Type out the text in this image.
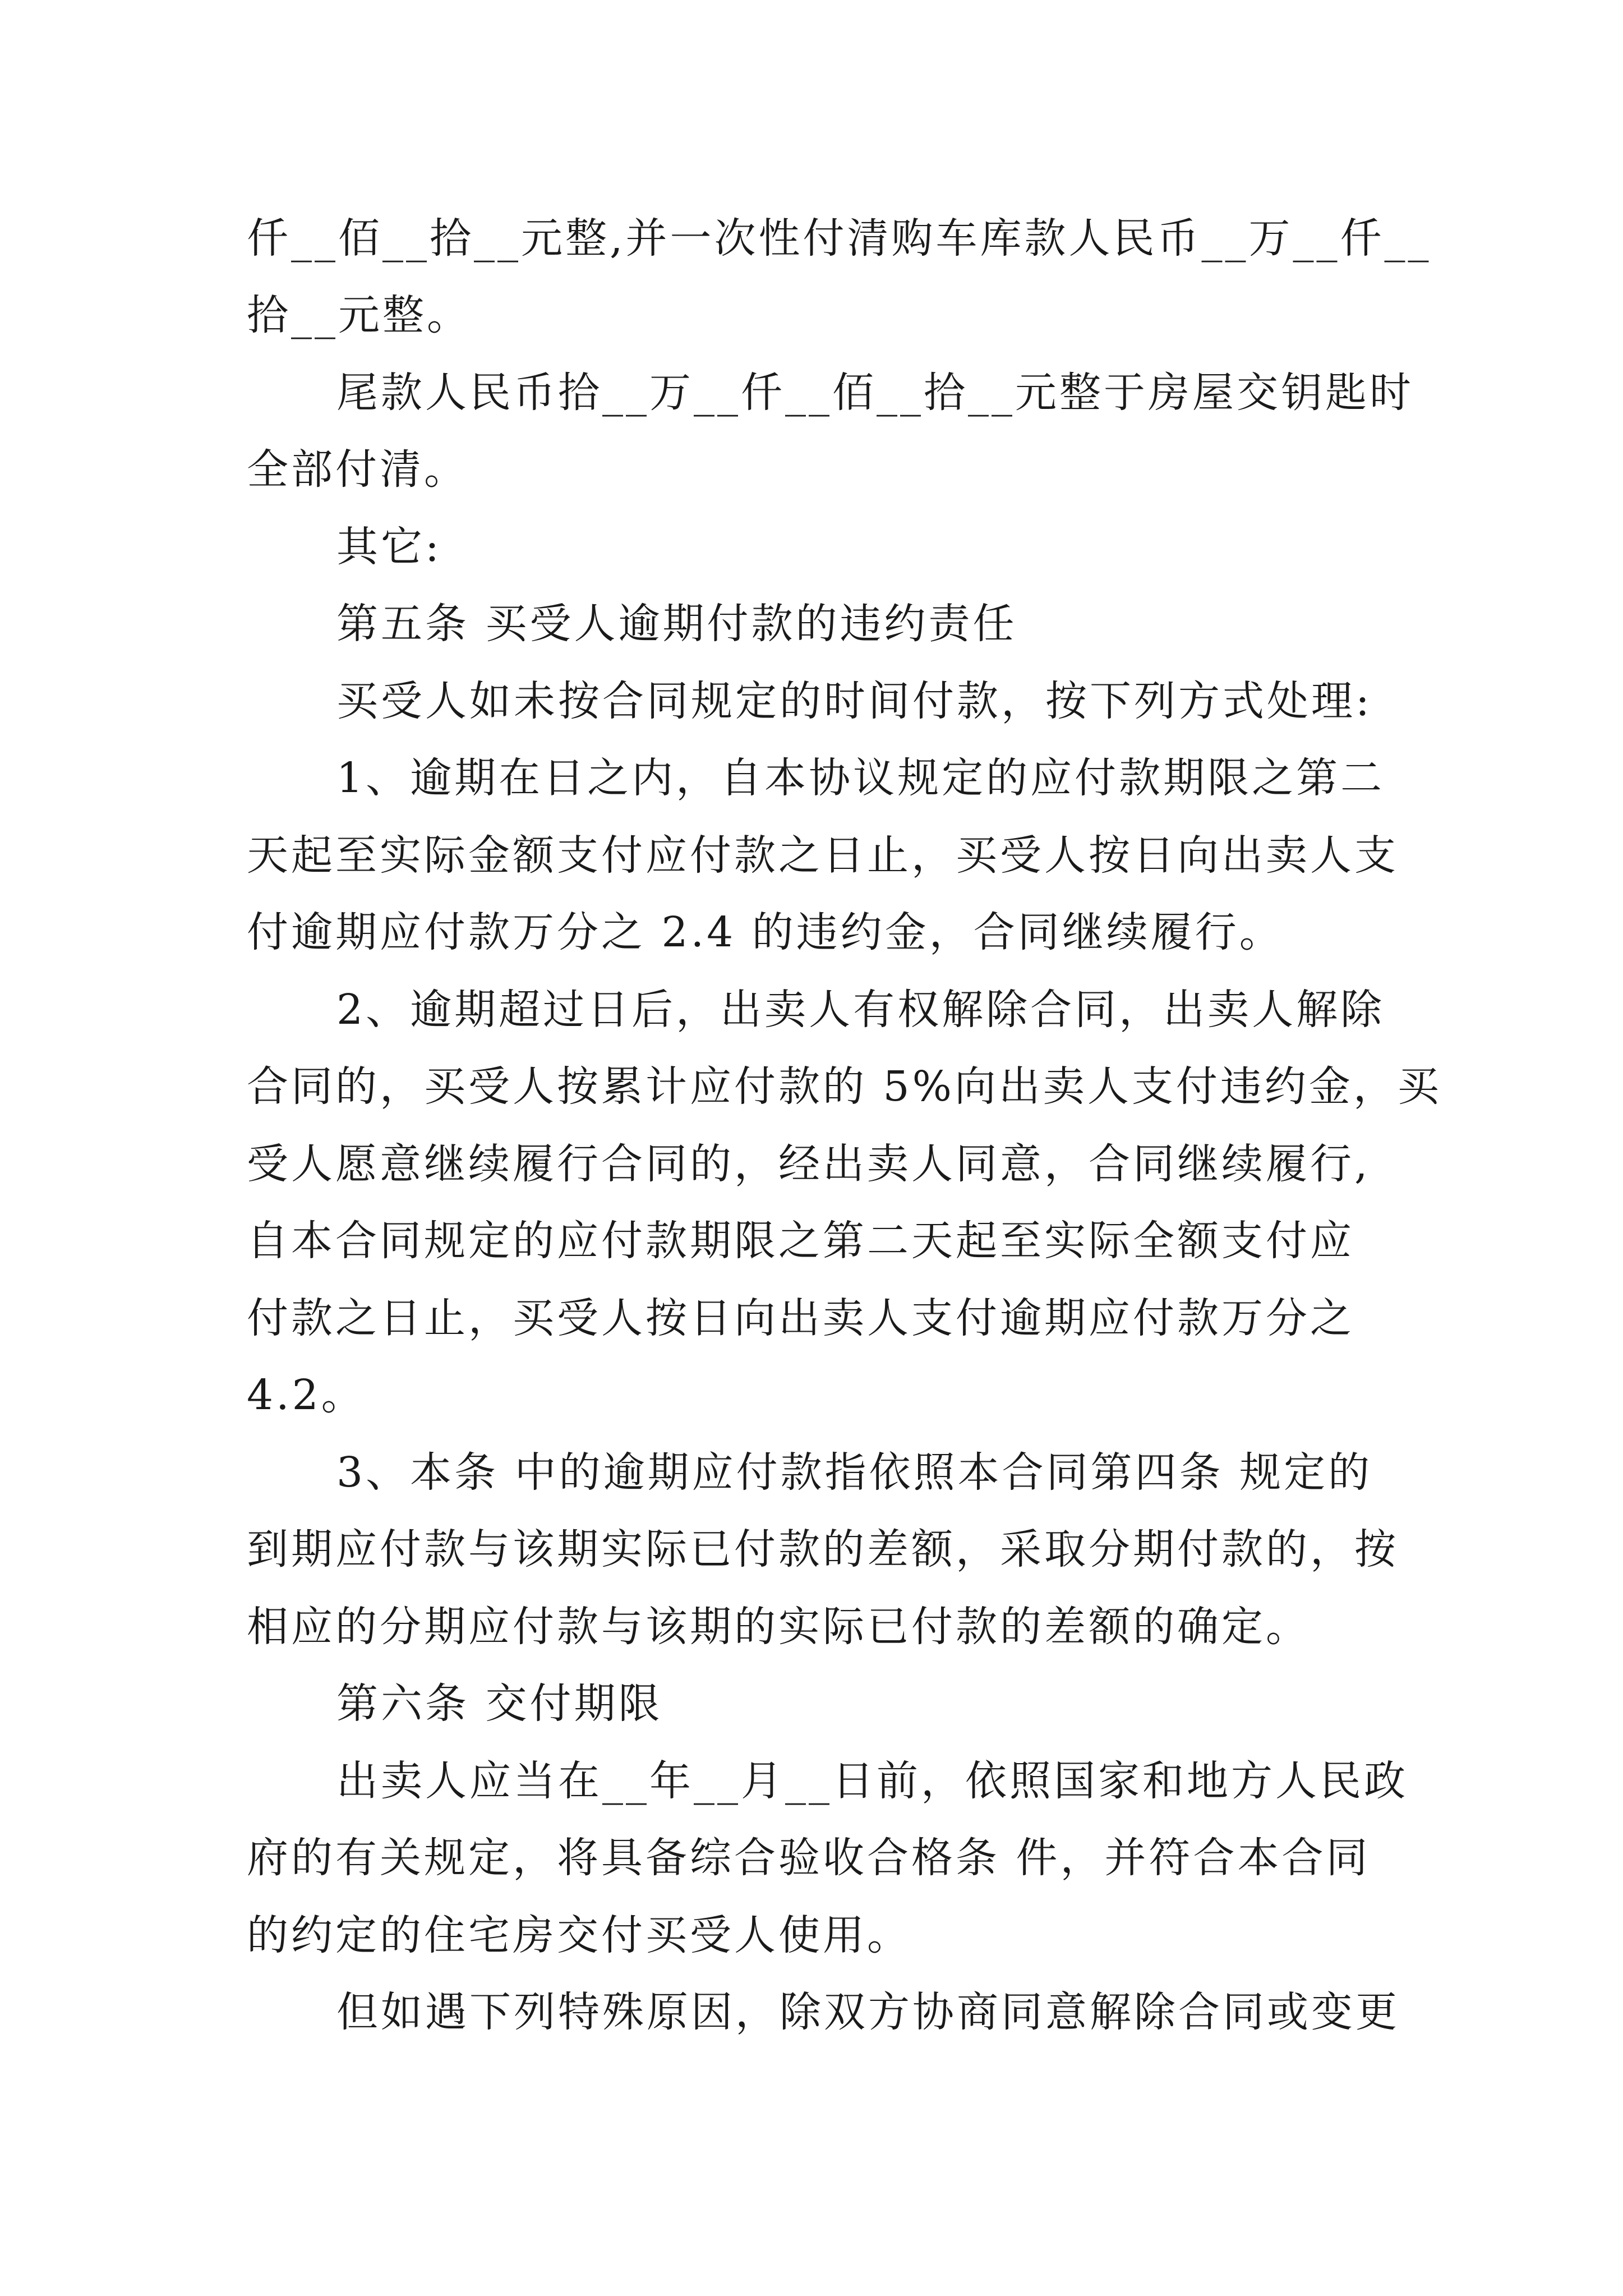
仟__佰__拾__元整,并一次性付清购车库款人民币__万__仟__
拾__元整。
尾款人民币拾__万__仟__佰__拾__元整于房屋交钥匙时
全部付清。
其它:
第五条 买受人逾期付款的违约责任
买受人如未按合同规定的时间付款，按下列方式处理:
1、逾期在日之内，自本协议规定的应付款期限之第二
天起至实际金额支付应付款之日止，买受人按日向出卖人支
付逾期应付款万分之 2.4 的违约金，合同继续履行。
2、逾期超过日后，出卖人有权解除合同，出卖人解除
合同的，买受人按累计应付款的 5%向出卖人支付违约金，买
受人愿意继续履行合同的，经出卖人同意，合同继续履行,
自本合同规定的应付款期限之第二天起至实际全额支付应
付款之日止，买受人按日向出卖人支付逾期应付款万分之
4.2。
3、本条 中的逾期应付款指依照本合同第四条 规定的
到期应付款与该期实际已付款的差额，采取分期付款的，按
相应的分期应付款与该期的实际已付款的差额的确定。
第六条 交付期限
出卖人应当在__年__月__日前，依照国家和地方人民政
府的有关规定，将具备综合验收合格条 件，并符合本合同
的约定的住宅房交付买受人使用。
但如遇下列特殊原因，除双方协商同意解除合同或变更
